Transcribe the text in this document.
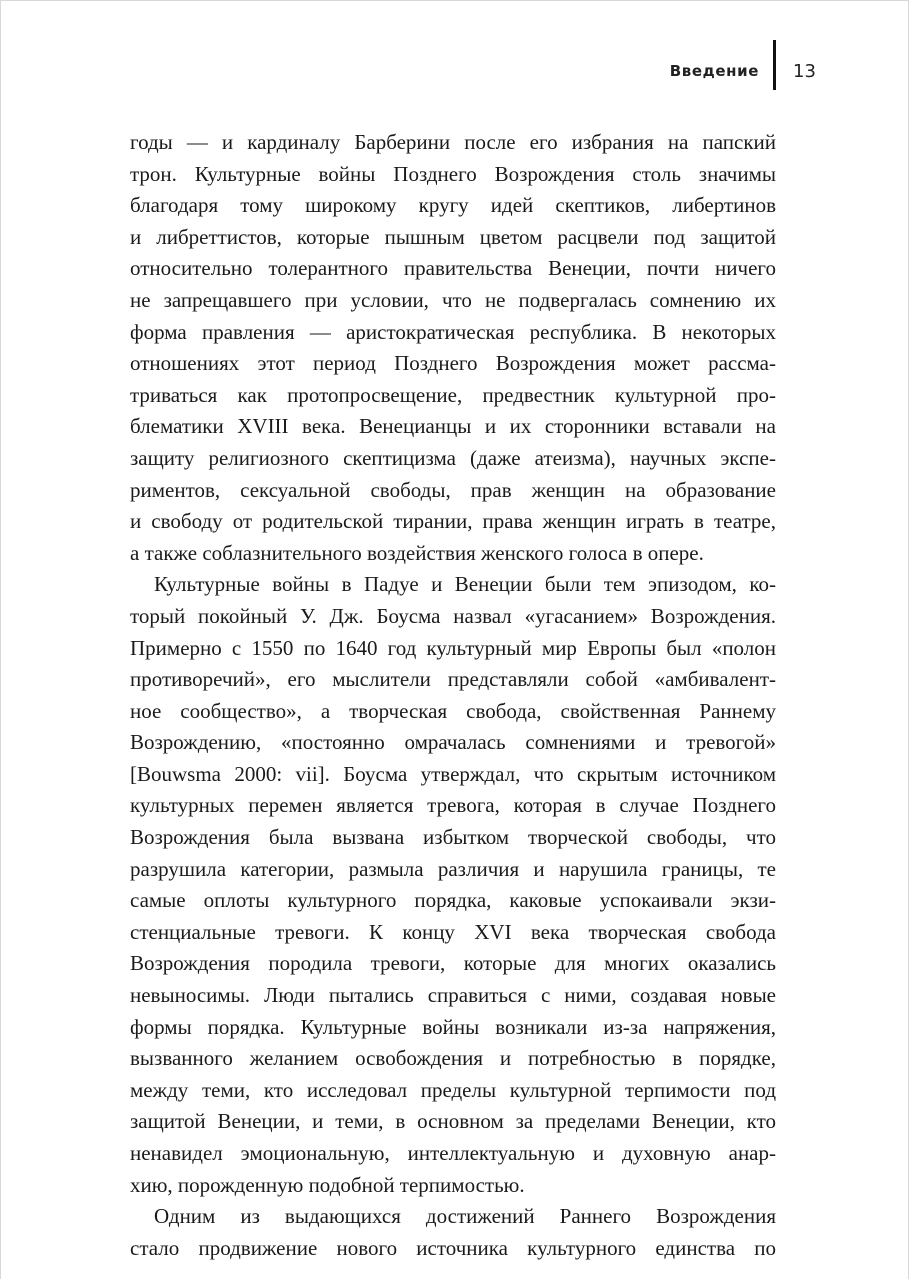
Введение 13
годы — и кардиналу Барберини после его избрания на папский
трон. Культурные войны Позднего Возрождения столь значимы
благодаря тому широкому кругу идей скептиков, либертинов
и либреттистов, которые пышным цветом расцвели под защитой
относительно толерантного правительства Венеции, почти ничего
не запрещавшего при условии, что не подвергалась сомнению их
форма правления — аристократическая республика. В некоторых
отношениях этот период Позднего Возрождения может рассма-
триваться как протопросвещение, предвестник культурной про-
блематики XVIII века. Венецианцы и их сторонники вставали на
защиту религиозного скептицизма (даже атеизма), научных экспе-
риментов, сексуальной свободы, прав женщин на образование
и свободу от родительской тирании, права женщин играть в театре,
а также соблазнительного воздействия женского голоса в опере.
Культурные войны в Падуе и Венеции были тем эпизодом, ко-
торый покойный У. Дж. Боусма назвал «угасанием» Возрождения.
Примерно с 1550 по 1640 год культурный мир Европы был «полон
противоречий», его мыслители представляли собой «амбивалент-
ное сообщество», а творческая свобода, свойственная Раннему
Возрождению, «постоянно омрачалась сомнениями и тревогой»
[Bouwsma 2000: vii]. Боусма утверждал, что скрытым источником
культурных перемен является тревога, которая в случае Позднего
Возрождения была вызвана избытком творческой свободы, что
разрушила категории, размыла различия и нарушила границы, те
самые оплоты культурного порядка, каковые успокаивали экзи-
стенциальные тревоги. К концу XVI века творческая свобода
Возрождения породила тревоги, которые для многих оказались
невыносимы. Люди пытались справиться с ними, создавая новые
формы порядка. Культурные войны возникали из-за напряжения,
вызванного желанием освобождения и потребностью в порядке,
между теми, кто исследовал пределы культурной терпимости под
защитой Венеции, и теми, в основном за пределами Венеции, кто
ненавидел эмоциональную, интеллектуальную и духовную анар-
хию, порожденную подобной терпимостью.
Одним из выдающихся достижений Раннего Возрождения
стало продвижение нового источника культурного единства по
